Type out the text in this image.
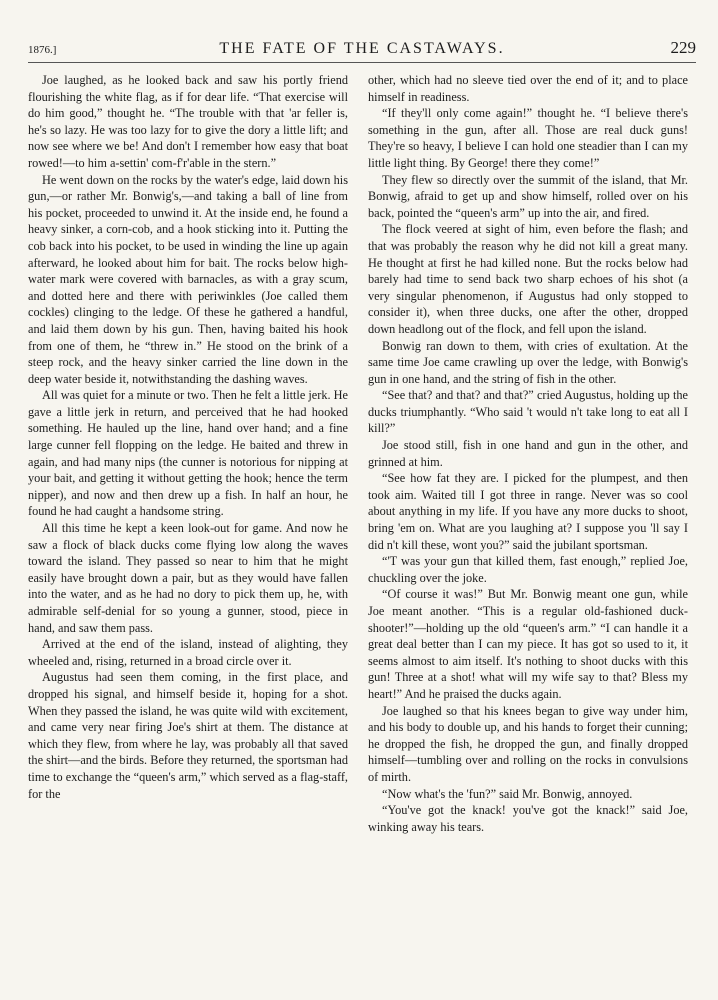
1876.]	THE FATE OF THE CASTAWAYS.	229

Joe laughed, as he looked back and saw his portly friend flourishing the white flag, as if for dear life. “That exercise will do him good,” thought he. “The trouble with that 'ar feller is, he's so lazy. He was too lazy for to give the dory a little lift; and now see where we be! And don't I remember how easy that boat rowed!—to him a-settin' com-f'r'able in the stern.”

He went down on the rocks by the water's edge, laid down his gun,—or rather Mr. Bonwig's,—and taking a ball of line from his pocket, proceeded to unwind it. At the inside end, he found a heavy sinker, a corn-cob, and a hook sticking into it. Putting the cob back into his pocket, to be used in winding the line up again afterward, he looked about him for bait. The rocks below high-water mark were covered with barnacles, as with a gray scum, and dotted here and there with periwinkles (Joe called them cockles) clinging to the ledge. Of these he gathered a handful, and laid them down by his gun. Then, having baited his hook from one of them, he “threw in.” He stood on the brink of a steep rock, and the heavy sinker carried the line down in the deep water beside it, notwithstanding the dashing waves.

All was quiet for a minute or two. Then he felt a little jerk. He gave a little jerk in return, and perceived that he had hooked something. He hauled up the line, hand over hand; and a fine large cunner fell flopping on the ledge. He baited and threw in again, and had many nips (the cunner is notorious for nipping at your bait, and getting it without getting the hook; hence the term nipper), and now and then drew up a fish. In half an hour, he found he had caught a handsome string.

All this time he kept a keen look-out for game. And now he saw a flock of black ducks come flying low along the waves toward the island. They passed so near to him that he might easily have brought down a pair, but as they would have fallen into the water, and as he had no dory to pick them up, he, with admirable self-denial for so young a gunner, stood, piece in hand, and saw them pass.

Arrived at the end of the island, instead of alighting, they wheeled and, rising, returned in a broad circle over it.

Augustus had seen them coming, in the first place, and dropped his signal, and himself beside it, hoping for a shot. When they passed the island, he was quite wild with excitement, and came very near firing Joe's shirt at them. The distance at which they flew, from where he lay, was probably all that saved the shirt—and the birds. Before they returned, the sportsman had time to exchange the “queen's arm,” which served as a flag-staff, for the

other, which had no sleeve tied over the end of it; and to place himself in readiness.

“If they'll only come again!” thought he. “I believe there's something in the gun, after all. Those are real duck guns! They're so heavy, I believe I can hold one steadier than I can my little light thing. By George! there they come!”

They flew so directly over the summit of the island, that Mr. Bonwig, afraid to get up and show himself, rolled over on his back, pointed the “queen's arm” up into the air, and fired.

The flock veered at sight of him, even before the flash; and that was probably the reason why he did not kill a great many. He thought at first he had killed none. But the rocks below had barely had time to send back two sharp echoes of his shot (a very singular phenomenon, if Augustus had only stopped to consider it), when three ducks, one after the other, dropped down headlong out of the flock, and fell upon the island.

Bonwig ran down to them, with cries of exultation. At the same time Joe came crawling up over the ledge, with Bonwig's gun in one hand, and the string of fish in the other.

“See that? and that? and that?” cried Augustus, holding up the ducks triumphantly. “Who said 't would n't take long to eat all I kill?”

Joe stood still, fish in one hand and gun in the other, and grinned at him.

“See how fat they are. I picked for the plumpest, and then took aim. Waited till I got three in range. Never was so cool about anything in my life. If you have any more ducks to shoot, bring 'em on. What are you laughing at? I suppose you 'll say I did n't kill these, wont you?” said the jubilant sportsman.

“'T was your gun that killed them, fast enough,” replied Joe, chuckling over the joke.

“Of course it was!” But Mr. Bonwig meant one gun, while Joe meant another. “This is a regular old-fashioned duck-shooter!”—holding up the old “queen's arm.” “I can handle it a great deal better than I can my piece. It has got so used to it, it seems almost to aim itself. It's nothing to shoot ducks with this gun! Three at a shot! what will my wife say to that? Bless my heart!” And he praised the ducks again.

Joe laughed so that his knees began to give way under him, and his body to double up, and his hands to forget their cunning; he dropped the fish, he dropped the gun, and finally dropped himself—tumbling over and rolling on the rocks in convulsions of mirth.

“Now what's the 'fun?” said Mr. Bonwig, annoyed.

“You've got the knack! you've got the knack!” said Joe, winking away his tears.
